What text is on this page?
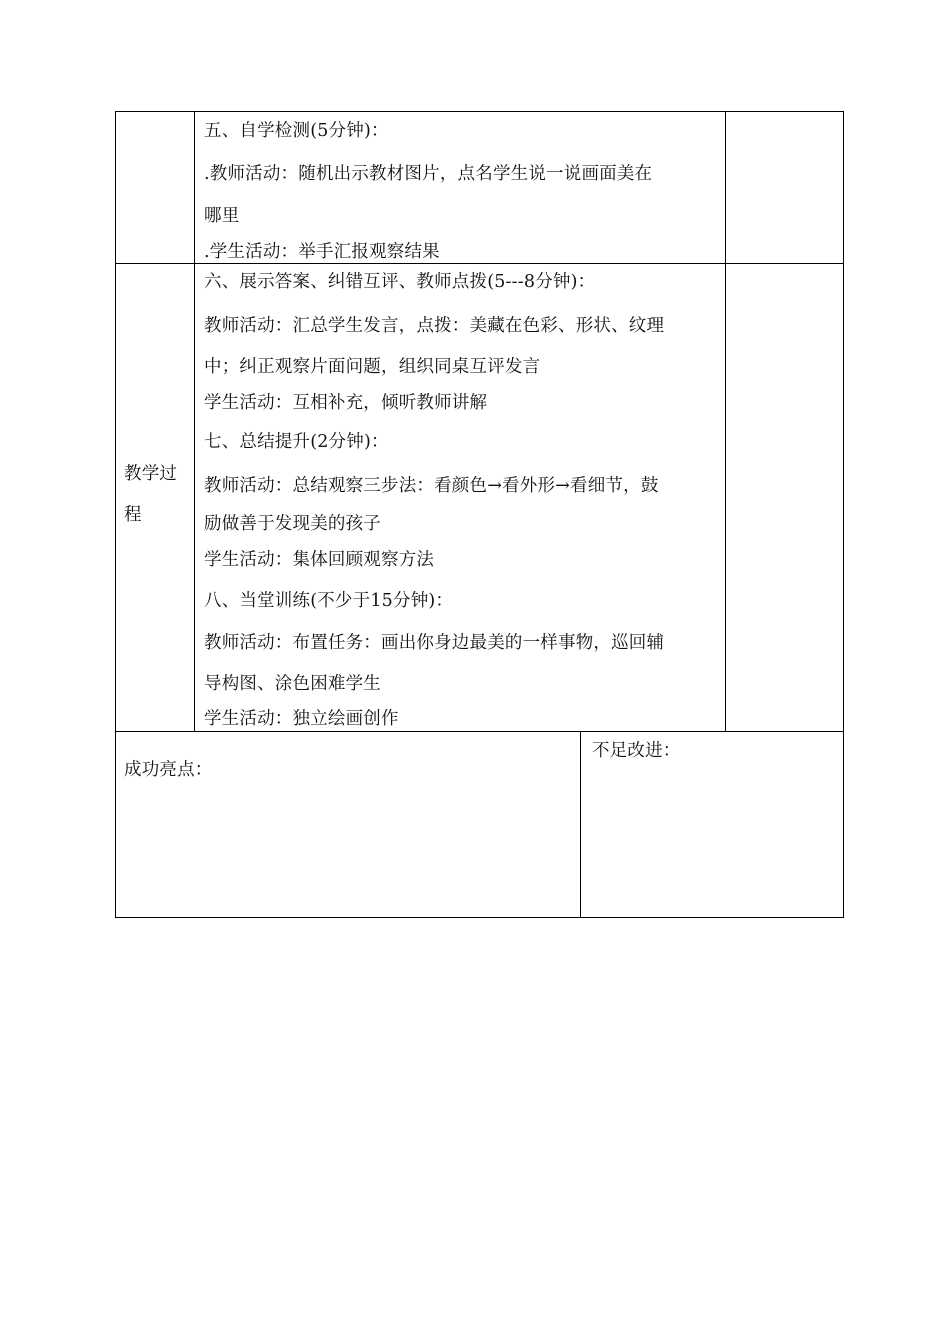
五、自学检测(5分钟)：
.教师活动：随机出示教材图片，点名学生说一说画面美在
哪里
.学生活动：举手汇报观察结果
教学过
程
六、展示答案、纠错互评、教师点拨(5---8分钟)：
教师活动：汇总学生发言，点拨：美藏在色彩、形状、纹理
中；纠正观察片面问题，组织同桌互评发言
学生活动：互相补充，倾听教师讲解
七、总结提升(2分钟)：
教师活动：总结观察三步法：看颜色→看外形→看细节，鼓
励做善于发现美的孩子
学生活动：集体回顾观察方法
八、当堂训练(不少于15分钟)：
教师活动：布置任务：画出你身边最美的一样事物，巡回辅
导构图、涂色困难学生
学生活动：独立绘画创作
成功亮点：
不足改进：
